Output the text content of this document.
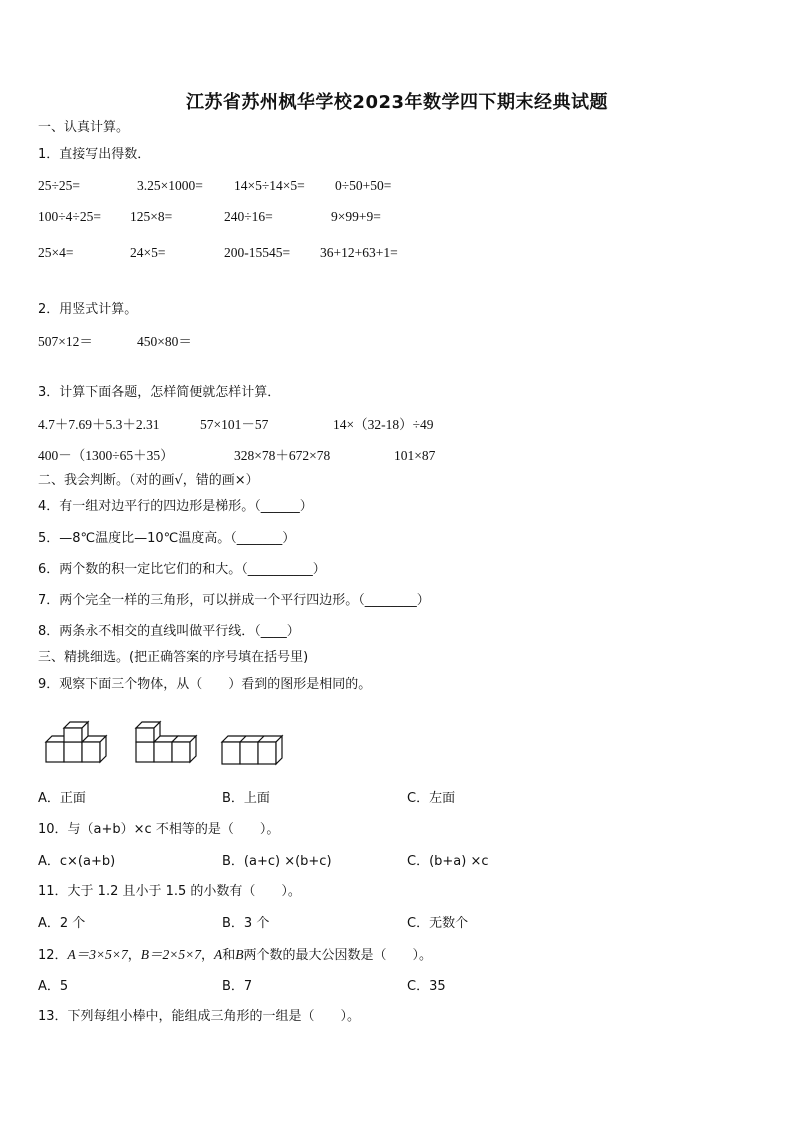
江苏省苏州枫华学校2023年数学四下期末经典试题
一、认真计算。
1．直接写出得数．
25÷25=	3.25×1000= 14×5÷14×5= 0÷50+50=
100÷4÷25= 125×8=	240÷16=	9×99+9=
25×4=	24×5=	200-15545= 36+12+63+1=
2．用竖式计算。
507×12＝	450×80＝
3．计算下面各题，怎样简便就怎样计算．
4.7＋7.69＋5.3＋2.31	57×101－57	14×（32-18）÷49
400－（1300÷65＋35）	328×78＋672×78	101×87
二、我会判断。（对的画√，错的画×）
4．有一组对边平行的四边形是梯形。（______）
5．—8℃温度比—10℃温度高。（_______）
6．两个数的积一定比它们的和大。（__________）
7．两个完全一样的三角形，可以拼成一个平行四边形。（________）
8．两条永不相交的直线叫做平行线．（____）
三、精挑细选。(把正确答案的序号填在括号里)
9．观察下面三个物体，从（　　）看到的图形是相同的。
A．正面	B．上面	C．左面
10．与（a+b）×c 不相等的是（　　）。
A．c×(a+b)	B．(a+c) ×(b+c)	C．(b+a) ×c
11．大于 1.2 且小于 1.5 的小数有（　　）。
A．2 个	B．3 个	C．无数个
12．A＝3×5×7，B＝2×5×7，A和B两个数的最大公因数是（　　）。
A．5	B．7	C．35
13．下列每组小棒中，能组成三角形的一组是（　　）。
